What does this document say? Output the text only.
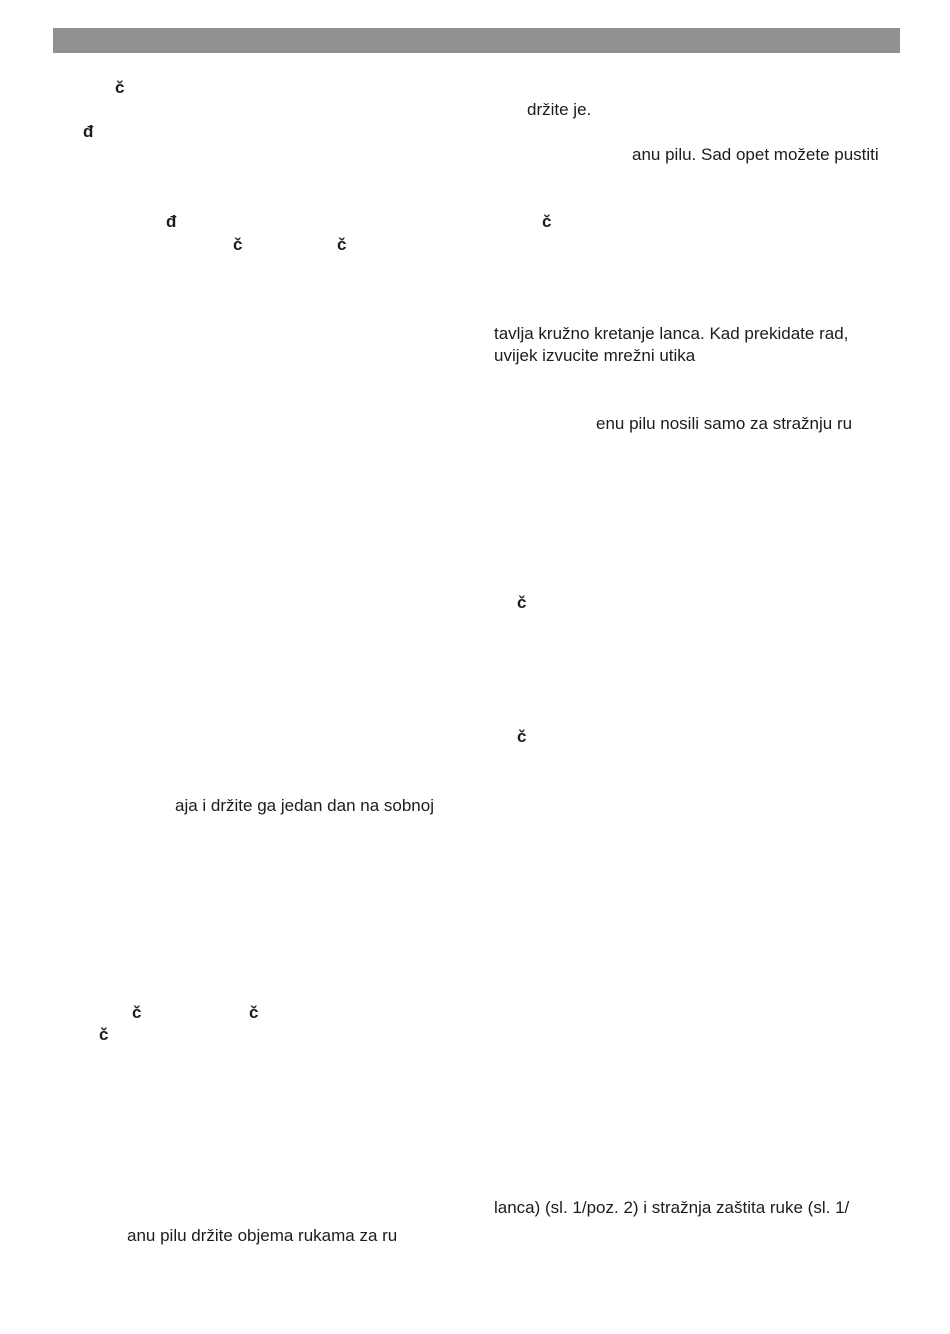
č
đ
đ
č	č
aja i držite ga jedan dan na sobnoj
č	č
č
anu pilu držite objema rukama za ru
držite je.
anu pilu. Sad opet možete pustiti
č
tavlja kružno kretanje lanca. Kad prekidate rad,
uvijek izvucite mrežni utika
enu pilu nosili samo za stražnju ru
č
č
lanca) (sl. 1/poz. 2) i stražnja zaštita ruke (sl. 1/
